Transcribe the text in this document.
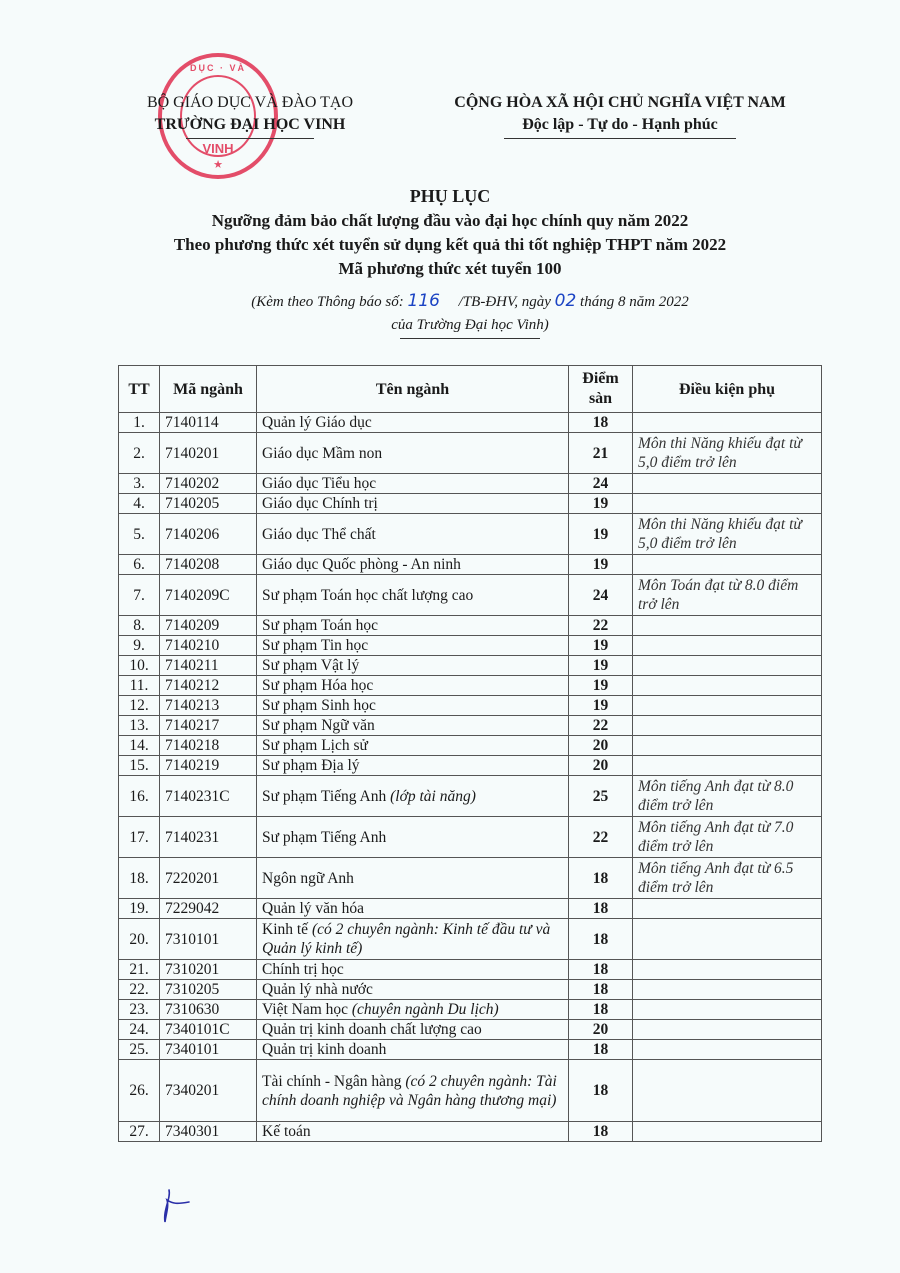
DỤC · VÀ
VINH
★
BỘ GIÁO DỤC VÀ ĐÀO TẠO
TRƯỜNG ĐẠI HỌC VINH
CỘNG HÒA XÃ HỘI CHỦ NGHĨA VIỆT NAM
Độc lập - Tự do - Hạnh phúc
PHỤ LỤC
Ngưỡng đảm bảo chất lượng đầu vào đại học chính quy năm 2022
Theo phương thức xét tuyển sử dụng kết quả thi tốt nghiệp THPT năm 2022
Mã phương thức xét tuyển 100
(Kèm theo Thông báo số: 116 /TB-ĐHV, ngày 02 tháng 8 năm 2022
của Trường Đại học Vinh)
TT	Mã ngành	Tên ngành	Điểm sàn	Điều kiện phụ
1.	7140114	Quản lý Giáo dục	18	
2.	7140201	Giáo dục Mầm non	21	Môn thi Năng khiếu đạt từ 5,0 điểm trở lên
3.	7140202	Giáo dục Tiểu học	24	
4.	7140205	Giáo dục Chính trị	19	
5.	7140206	Giáo dục Thể chất	19	Môn thi Năng khiếu đạt từ 5,0 điểm trở lên
6.	7140208	Giáo dục Quốc phòng - An ninh	19	
7.	7140209C	Sư phạm Toán học chất lượng cao	24	Môn Toán đạt từ 8.0 điểm trở lên
8.	7140209	Sư phạm Toán học	22	
9.	7140210	Sư phạm Tin học	19	
10.	7140211	Sư phạm Vật lý	19	
11.	7140212	Sư phạm Hóa học	19	
12.	7140213	Sư phạm Sinh học	19	
13.	7140217	Sư phạm Ngữ văn	22	
14.	7140218	Sư phạm Lịch sử	20	
15.	7140219	Sư phạm Địa lý	20	
16.	7140231C	Sư phạm Tiếng Anh (lớp tài năng)	25	Môn tiếng Anh đạt từ 8.0 điểm trở lên
17.	7140231	Sư phạm Tiếng Anh	22	Môn tiếng Anh đạt từ 7.0 điểm trở lên
18.	7220201	Ngôn ngữ Anh	18	Môn tiếng Anh đạt từ 6.5 điểm trở lên
19.	7229042	Quản lý văn hóa	18	
20.	7310101	Kinh tế (có 2 chuyên ngành: Kinh tế đầu tư và Quản lý kinh tế)	18	
21.	7310201	Chính trị học	18	
22.	7310205	Quản lý nhà nước	18	
23.	7310630	Việt Nam học (chuyên ngành Du lịch)	18	
24.	7340101C	Quản trị kinh doanh chất lượng cao	20	
25.	7340101	Quản trị kinh doanh	18	
26.	7340201	Tài chính - Ngân hàng (có 2 chuyên ngành: Tài chính doanh nghiệp và Ngân hàng thương mại)	18	
27.	7340301	Kế toán	18	
